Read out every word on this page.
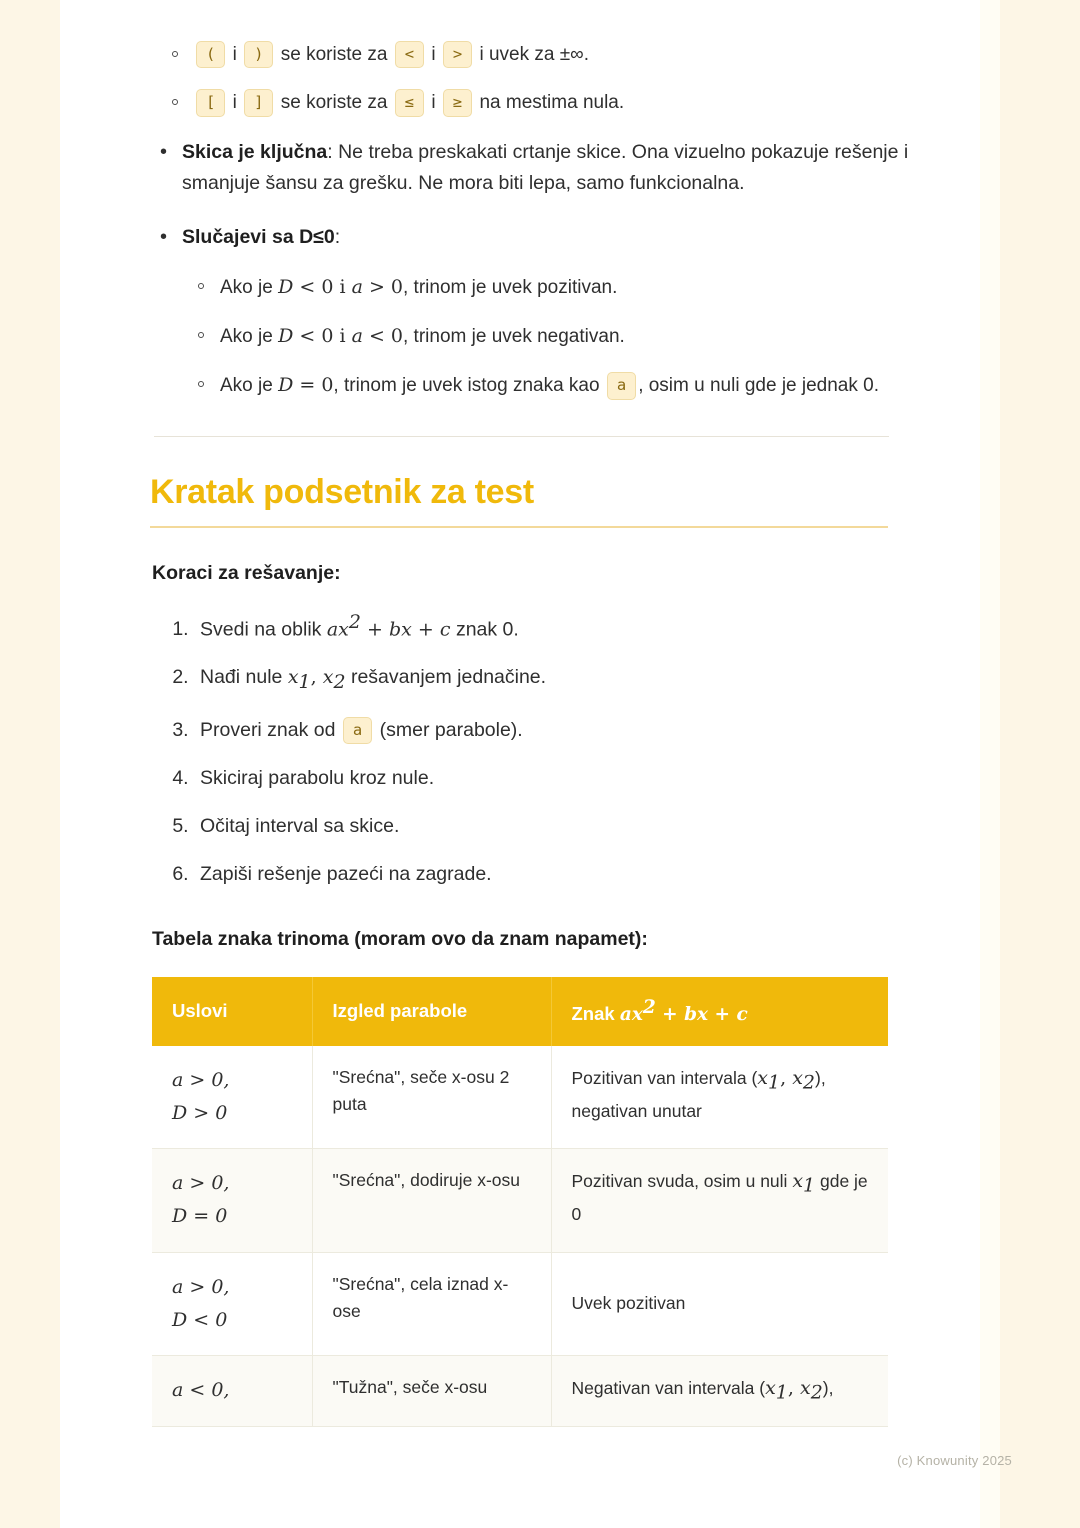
( i ) se koriste za < i > i uvek za ±∞.
[ i ] se koriste za ≤ i ≥ na mestima nula.
• Skica je ključna: Ne treba preskakati crtanje skice. Ona vizuelno pokazuje rešenje i smanjuje šansu za grešku. Ne mora biti lepa, samo funkcionalna.
• Slučajevi sa D≤0:
Ako je D < 0 i a > 0, trinom je uvek pozitivan.
Ako je D < 0 i a < 0, trinom je uvek negativan.
Ako je D = 0, trinom je uvek istog znaka kao a , osim u nuli gde je jednak 0.
Kratak podsetnik za test
Koraci za rešavanje:
1. Svedi na oblik $ax^2$ + bx + c znak 0.
2. Nađi nule $x_1$, $x_2$ rešavanjem jednačine.
3. Proveri znak od a (smer parabole).
4. Skiciraj parabolu kroz nule.
5. Očitaj interval sa skice.
6. Zapiši rešenje pazeći na zagrade.
Tabela znaka trinoma (moram ovo da znam napamet):
Uslovi	Izgled parabole	Znak $ax^2$ + bx + c

a > 0,
D > 0	"Srećna", seče x-osu 2 puta	Pozitivan van intervala ($x_1$, $x_2$), negativan unutar

a > 0,
D = 0	"Srećna", dodiruje x-osu	Pozitivan svuda, osim u nuli $x_1$ gde je 0

a > 0,
D < 0	"Srećna", cela iznad x-ose	Uvek pozitivan

a < 0,	"Tužna", seče x-osu	Negativan van intervala ($x_1$, $x_2$),
(c) Knowunity 2025
